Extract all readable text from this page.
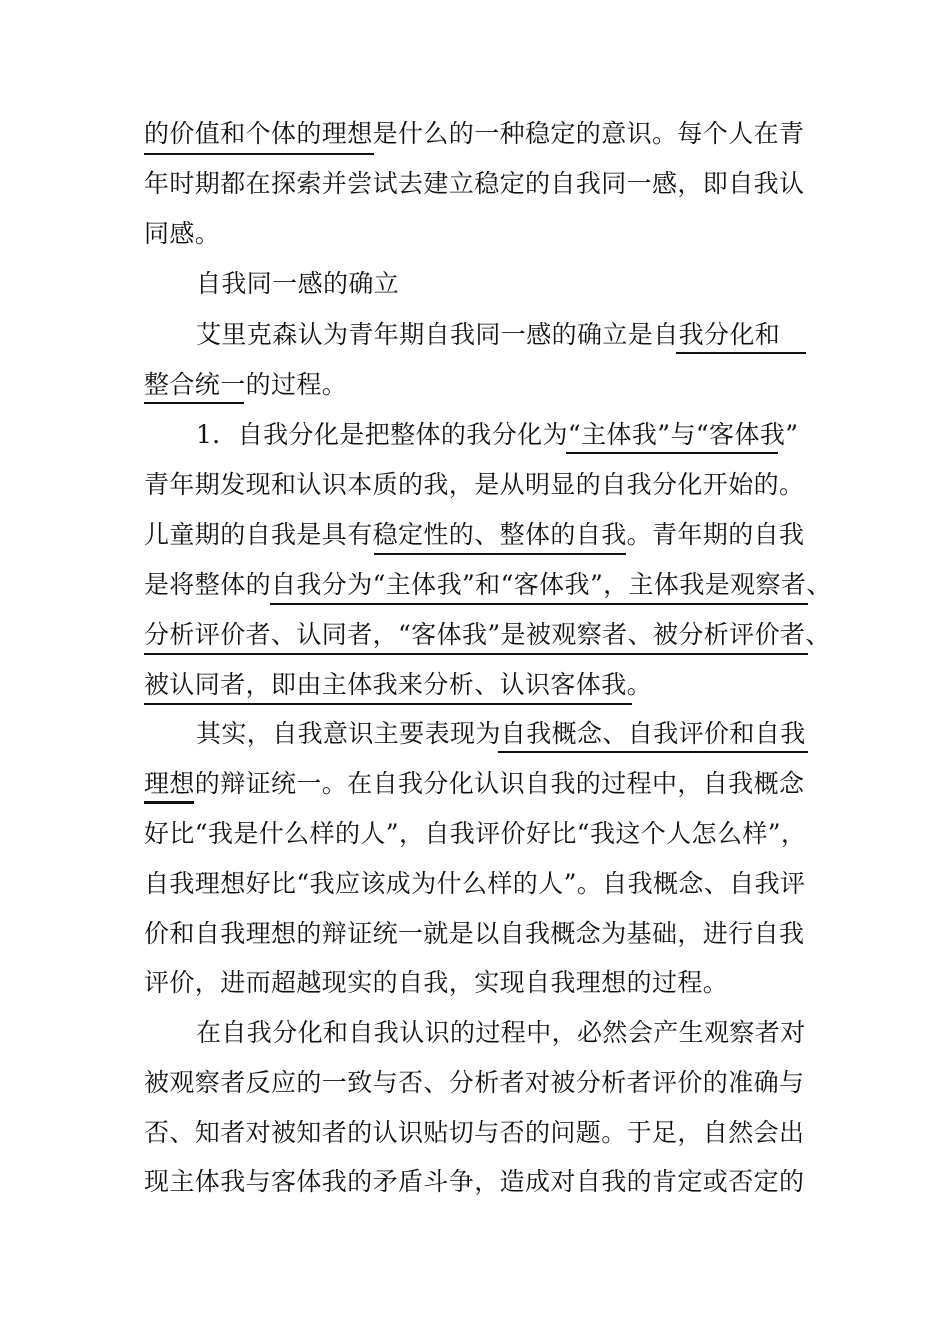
的价值和个体的理想是什么的一种稳定的意识。每个人在青
年时期都在探索并尝试去建立稳定的自我同一感，即自我认
同感。
自我同一感的确立
艾里克森认为青年期自我同一感的确立是自我分化和
整合统一的过程。
1．自我分化是把整体的我分化为“主体我”与“客体我”
青年期发现和认识本质的我，是从明显的自我分化开始的。
儿童期的自我是具有稳定性的、整体的自我。青年期的自我
是将整体的自我分为“主体我”和“客体我”，主体我是观察者、
分析评价者、认同者，“客体我”是被观察者、被分析评价者、
被认同者，即由主体我来分析、认识客体我。
其实，自我意识主要表现为自我概念、自我评价和自我
理想的辩证统一。在自我分化认识自我的过程中，自我概念
好比“我是什么样的人”，自我评价好比“我这个人怎么样”，
自我理想好比“我应该成为什么样的人”。自我概念、自我评
价和自我理想的辩证统一就是以自我概念为基础，进行自我
评价，进而超越现实的自我，实现自我理想的过程。
在自我分化和自我认识的过程中，必然会产生观察者对
被观察者反应的一致与否、分析者对被分析者评价的准确与
否、知者对被知者的认识贴切与否的问题。于足，自然会出
现主体我与客体我的矛盾斗争，造成对自我的肯定或否定的
